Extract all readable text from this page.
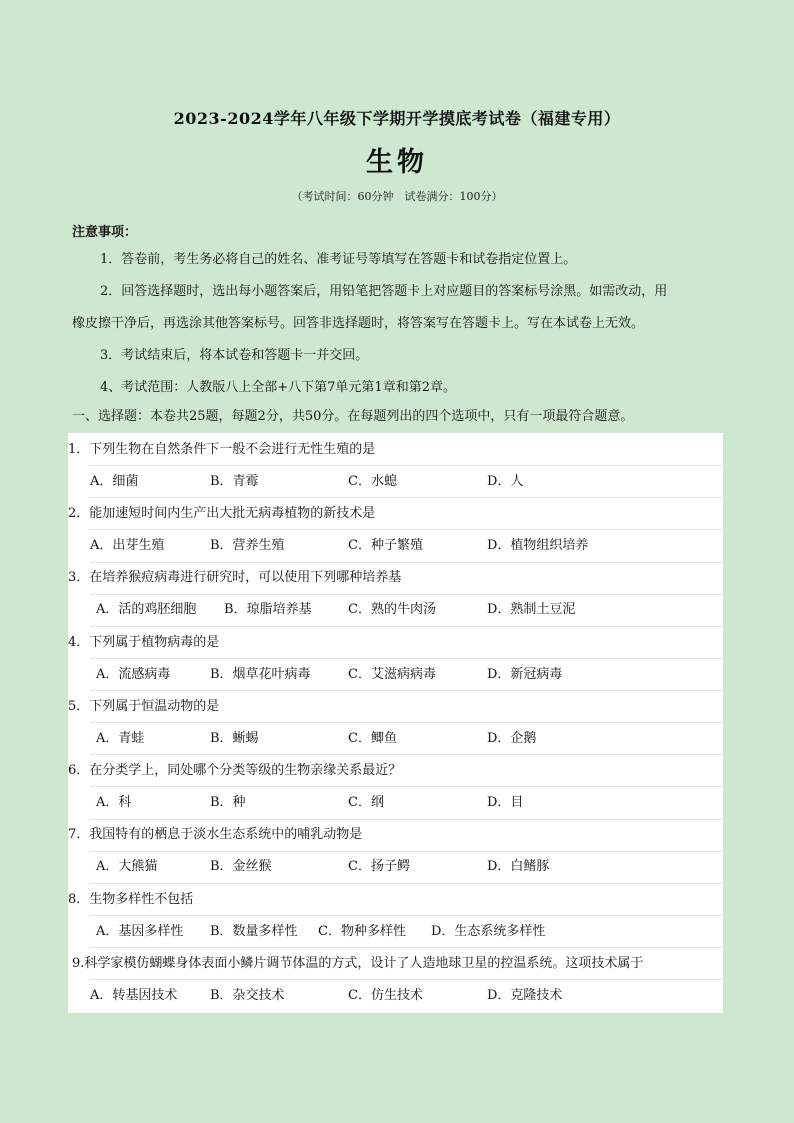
2023-2024学年八年级下学期开学摸底考试卷（福建专用）
生物
（考试时间：60分钟　试卷满分：100分）
注意事项：

1．答卷前，考生务必将自己的姓名、准考证号等填写在答题卡和试卷指定位置上。

2．回答选择题时，选出每小题答案后，用铅笔把答题卡上对应题目的答案标号涂黑。如需改动，用

橡皮擦干净后，再选涂其他答案标号。回答非选择题时，将答案写在答题卡上。写在本试卷上无效。

3．考试结束后，将本试卷和答题卡一并交回。

4、考试范围：人教版八上全部+八下第7单元第1章和第2章。

一、选择题：本卷共25题，每题2分，共50分。在每题列出的四个选项中，只有一项最符合题意。
1．下列生物在自然条件下一般不会进行无性生殖的是
A．细菌	B．青霉	C．水螅	D．人
2．能加速短时间内生产出大批无病毒植物的新技术是
A．出芽生殖	B．营养生殖	C．种子繁殖	D．植物组织培养
3．在培养猴痘病毒进行研究时，可以使用下列哪种培养基
A．活的鸡胚细胞 B．琼脂培养基	C．熟的牛肉汤	D．熟制土豆泥
4．下列属于植物病毒的是
A．流感病毒	B．烟草花叶病毒	C．艾滋病病毒	D．新冠病毒
5．下列属于恒温动物的是
A．青蛙	B．蜥蜴	C．鲫鱼	D．企鹅
6．在分类学上，同处哪个分类等级的生物亲缘关系最近？
A．科	B．种	C．纲	D．目
7．我国特有的栖息于淡水生态系统中的哺乳动物是
A．大熊猫	B．金丝猴	C．扬子鳄	D．白鳍豚
8．生物多样性不包括
A．基因多样性 B．数量多样性 C．物种多样性 D．生态系统多样性
9.科学家模仿蝴蝶身体表面小鳞片调节体温的方式，设计了人造地球卫星的控温系统。这项技术属于
A．转基因技术	B．杂交技术	C．仿生技术	D．克隆技术
